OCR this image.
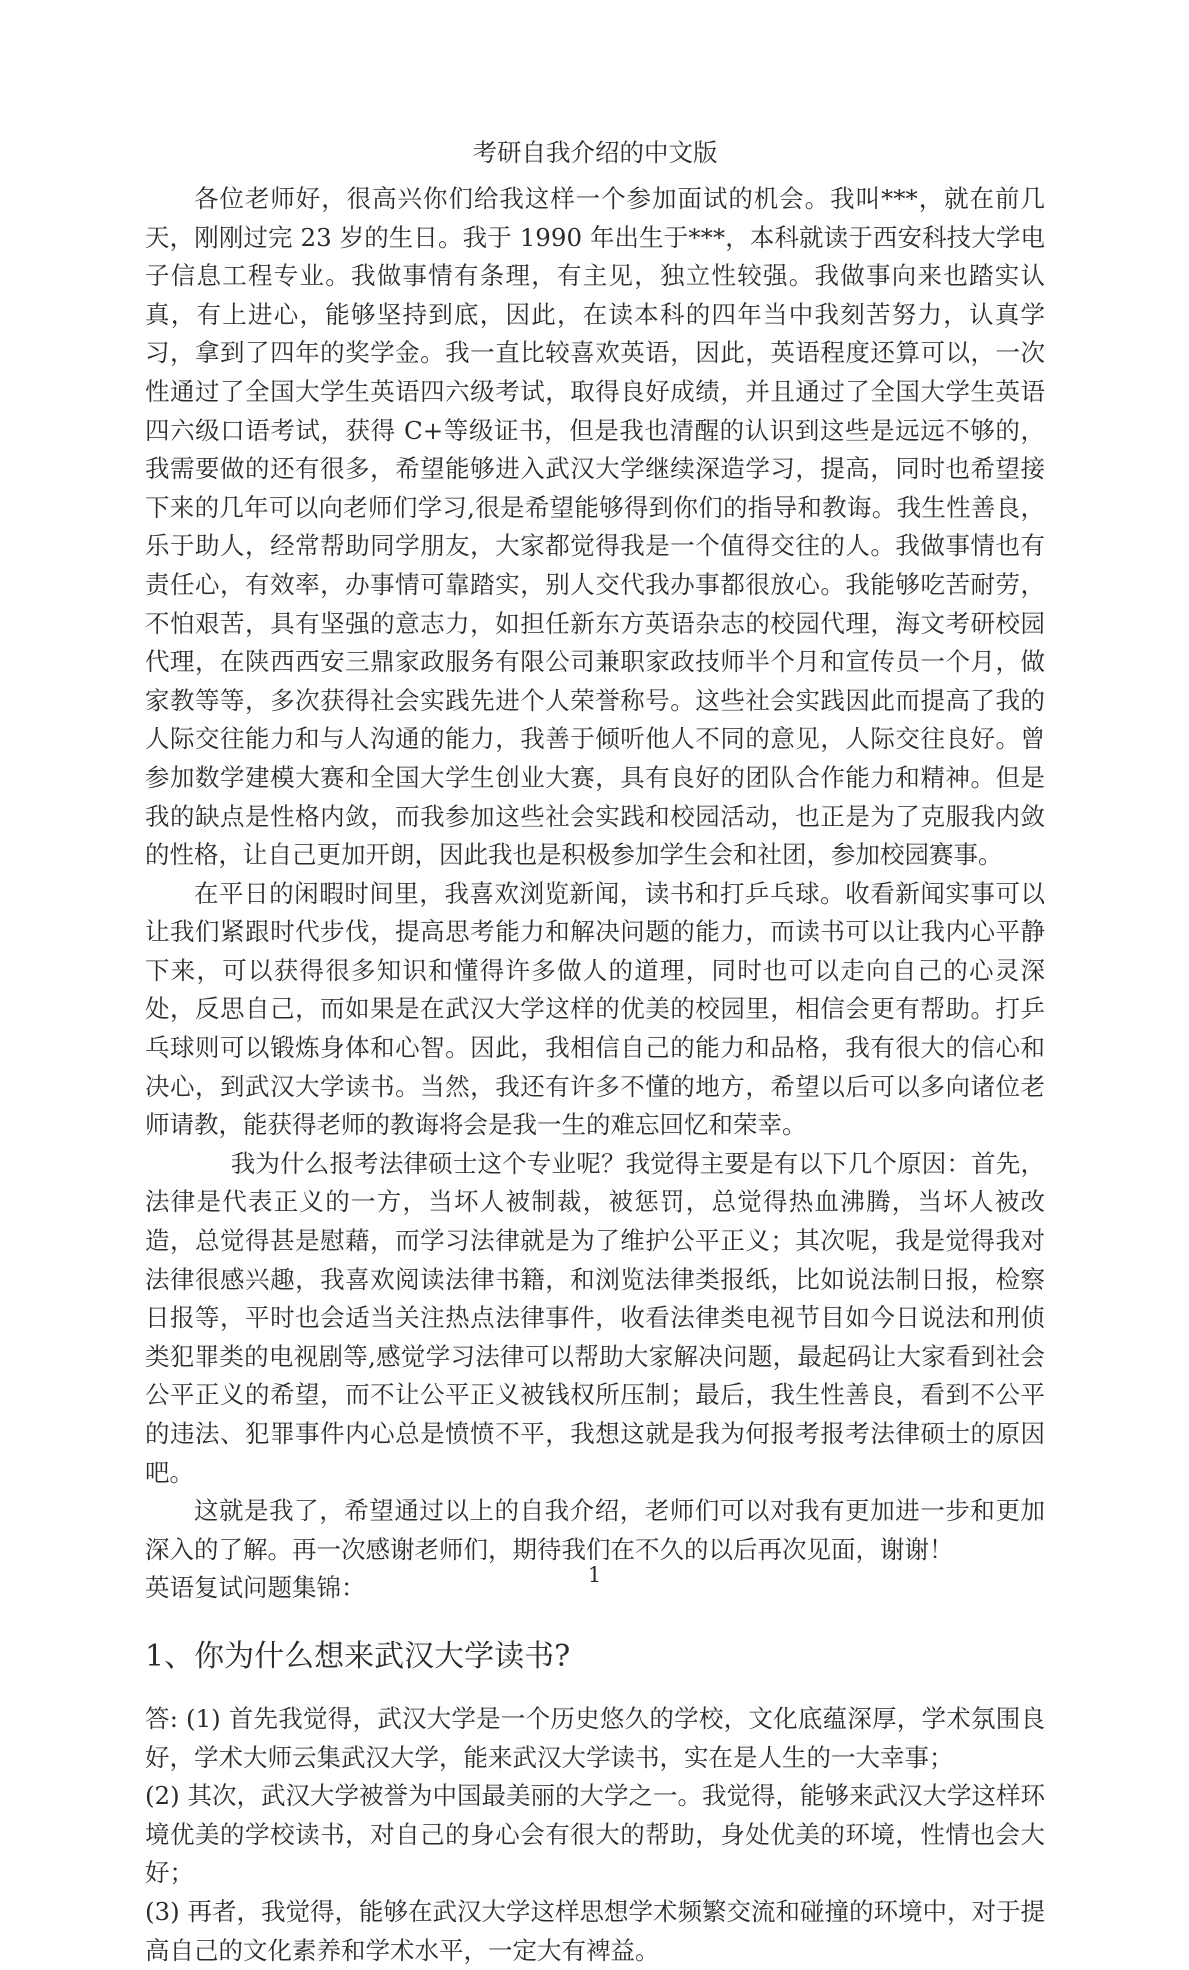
考研自我介绍的中文版

各位老师好，很高兴你们给我这样一个参加面试的机会。我叫***，就在前几天，刚刚过完 23 岁的生日。我于 1990 年出生于***，本科就读于西安科技大学电子信息工程专业。我做事情有条理，有主见，独立性较强。我做事向来也踏实认真，有上进心，能够坚持到底，因此，在读本科的四年当中我刻苦努力，认真学习，拿到了四年的奖学金。我一直比较喜欢英语，因此，英语程度还算可以，一次性通过了全国大学生英语四六级考试，取得良好成绩，并且通过了全国大学生英语四六级口语考试，获得 C+等级证书，但是我也清醒的认识到这些是远远不够的，我需要做的还有很多，希望能够进入武汉大学继续深造学习，提高，同时也希望接下来的几年可以向老师们学习,很是希望能够得到你们的指导和教诲。我生性善良，乐于助人，经常帮助同学朋友，大家都觉得我是一个值得交往的人。我做事情也有责任心，有效率，办事情可靠踏实，别人交代我办事都很放心。我能够吃苦耐劳，不怕艰苦，具有坚强的意志力，如担任新东方英语杂志的校园代理，海文考研校园代理，在陕西西安三鼎家政服务有限公司兼职家政技师半个月和宣传员一个月，做家教等等，多次获得社会实践先进个人荣誉称号。这些社会实践因此而提高了我的人际交往能力和与人沟通的能力，我善于倾听他人不同的意见，人际交往良好。曾参加数学建模大赛和全国大学生创业大赛，具有良好的团队合作能力和精神。但是我的缺点是性格内敛，而我参加这些社会实践和校园活动，也正是为了克服我内敛的性格，让自己更加开朗，因此我也是积极参加学生会和社团，参加校园赛事。

在平日的闲暇时间里，我喜欢浏览新闻，读书和打乒乓球。收看新闻实事可以让我们紧跟时代步伐，提高思考能力和解决问题的能力，而读书可以让我内心平静下来，可以获得很多知识和懂得许多做人的道理，同时也可以走向自己的心灵深处，反思自己，而如果是在武汉大学这样的优美的校园里，相信会更有帮助。打乒乓球则可以锻炼身体和心智。因此，我相信自己的能力和品格，我有很大的信心和决心，到武汉大学读书。当然，我还有许多不懂的地方，希望以后可以多向诸位老师请教，能获得老师的教诲将会是我一生的难忘回忆和荣幸。

我为什么报考法律硕士这个专业呢？我觉得主要是有以下几个原因：首先，法律是代表正义的一方，当坏人被制裁，被惩罚，总觉得热血沸腾，当坏人被改造，总觉得甚是慰藉，而学习法律就是为了维护公平正义；其次呢，我是觉得我对法律很感兴趣，我喜欢阅读法律书籍，和浏览法律类报纸，比如说法制日报，检察日报等，平时也会适当关注热点法律事件，收看法律类电视节目如今日说法和刑侦类犯罪类的电视剧等,感觉学习法律可以帮助大家解决问题，最起码让大家看到社会公平正义的希望，而不让公平正义被钱权所压制；最后，我生性善良，看到不公平的违法、犯罪事件内心总是愤愤不平，我想这就是我为何报考报考法律硕士的原因吧。

这就是我了，希望通过以上的自我介绍，老师们可以对我有更加进一步和更加深入的了解。再一次感谢老师们，期待我们在不久的以后再次见面，谢谢！

英语复试问题集锦：

1、你为什么想来武汉大学读书?

答: (1) 首先我觉得，武汉大学是一个历史悠久的学校，文化底蕴深厚，学术氛围良好，学术大师云集武汉大学，能来武汉大学读书，实在是人生的一大幸事；

(2) 其次，武汉大学被誉为中国最美丽的大学之一。我觉得，能够来武汉大学这样环境优美的学校读书，对自己的身心会有很大的帮助，身处优美的环境，性情也会大好；

(3) 再者，我觉得，能够在武汉大学这样思想学术频繁交流和碰撞的环境中，对于提高自己的文化素养和学术水平，一定大有裨益。

1
